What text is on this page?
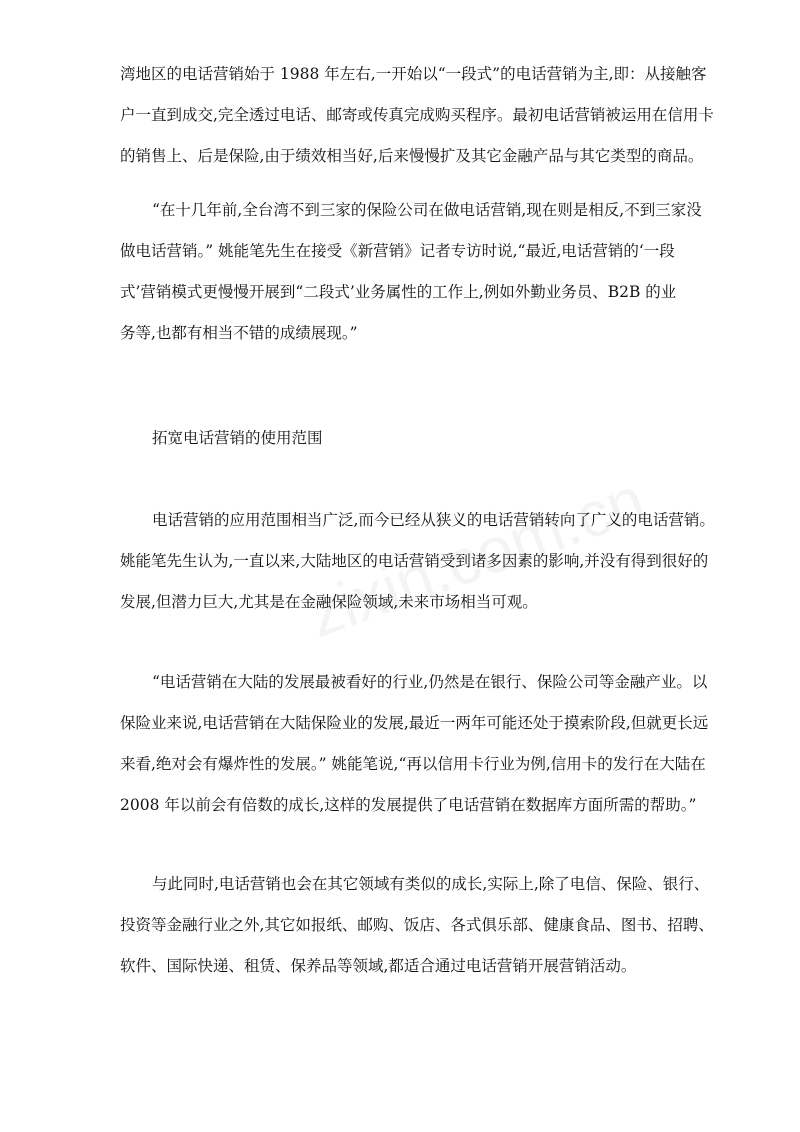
湾地区的电话营销始于 1988 年左右,一开始以“一段式”的电话营销为主,即：从接触客
户一直到成交,完全透过电话、邮寄或传真完成购买程序。最初电话营销被运用在信用卡
的销售上、后是保险,由于绩效相当好,后来慢慢扩及其它金融产品与其它类型的商品。
“在十几年前,全台湾不到三家的保险公司在做电话营销,现在则是相反,不到三家没
做电话营销。” 姚能笔先生在接受《新营销》记者专访时说,“最近,电话营销的‘一段
式’营销模式更慢慢开展到“二段式’业务属性的工作上,例如外勤业务员、B2B 的业
务等,也都有相当不错的成绩展现。”
拓宽电话营销的使用范围
电话营销的应用范围相当广泛,而今已经从狭义的电话营销转向了广义的电话营销。
姚能笔先生认为,一直以来,大陆地区的电话营销受到诸多因素的影响,并没有得到很好的
发展,但潜力巨大,尤其是在金融保险领域,未来市场相当可观。
“电话营销在大陆的发展最被看好的行业,仍然是在银行、保险公司等金融产业。以
保险业来说,电话营销在大陆保险业的发展,最近一两年可能还处于摸索阶段,但就更长远
来看,绝对会有爆炸性的发展。” 姚能笔说,“再以信用卡行业为例,信用卡的发行在大陆在
2008 年以前会有倍数的成长,这样的发展提供了电话营销在数据库方面所需的帮助。”
与此同时,电话营销也会在其它领域有类似的成长,实际上,除了电信、保险、银行、
投资等金融行业之外,其它如报纸、邮购、饭店、各式俱乐部、健康食品、图书、招聘、
软件、国际快递、租赁、保养品等领域,都适合通过电话营销开展营销活动。
